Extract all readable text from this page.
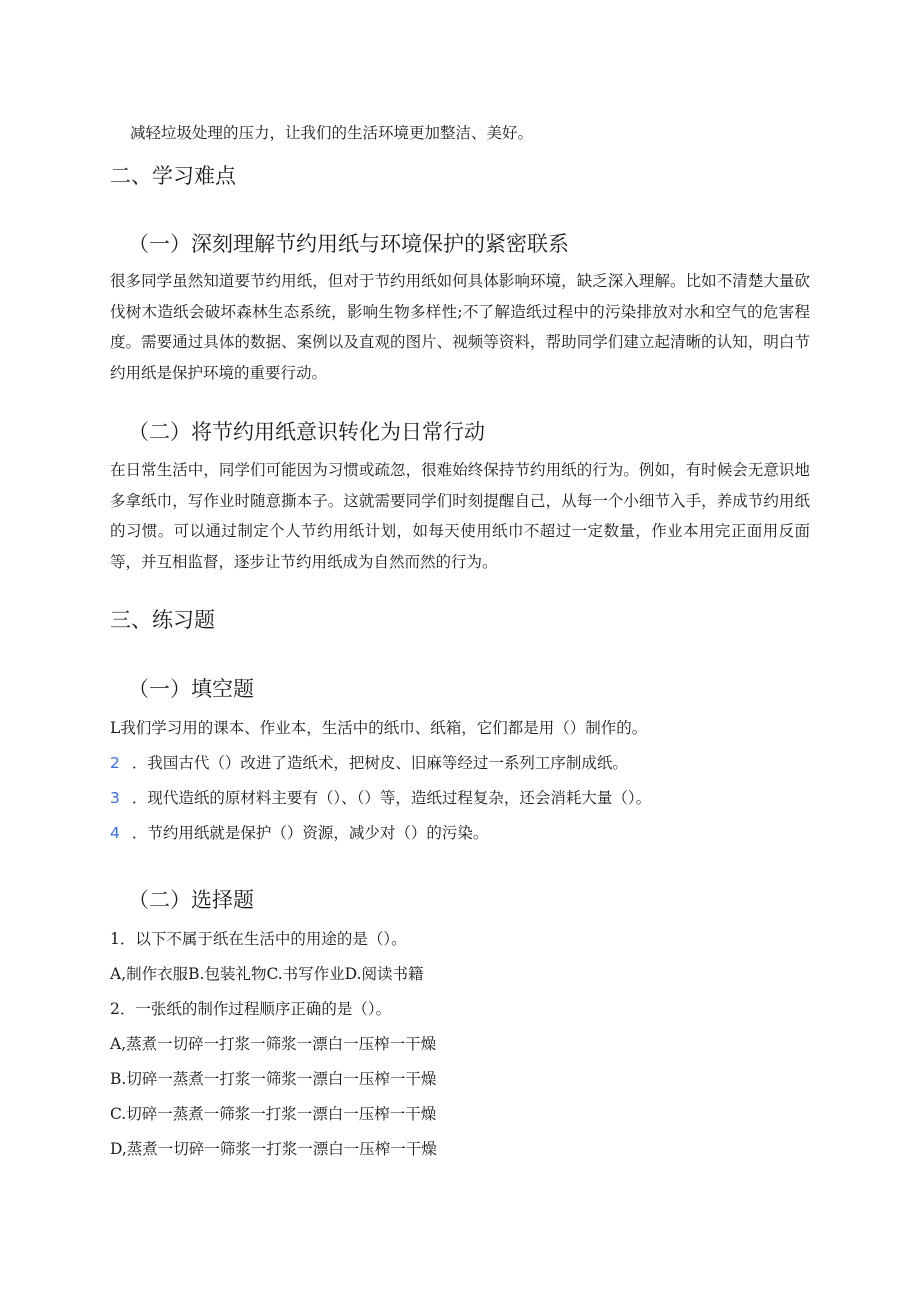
减轻垃圾处理的压力，让我们的生活环境更加整洁、美好。
二、学习难点
（一）深刻理解节约用纸与环境保护的紧密联系
很多同学虽然知道要节约用纸，但对于节约用纸如何具体影响环境，缺乏深入理解。比如不清楚大量砍伐树木造纸会破坏森林生态系统，影响生物多样性;不了解造纸过程中的污染排放对水和空气的危害程度。需要通过具体的数据、案例以及直观的图片、视频等资料，帮助同学们建立起清晰的认知，明白节约用纸是保护环境的重要行动。
（二）将节约用纸意识转化为日常行动
在日常生活中，同学们可能因为习惯或疏忽，很难始终保持节约用纸的行为。例如，有时候会无意识地多拿纸巾，写作业时随意撕本子。这就需要同学们时刻提醒自己，从每一个小细节入手，养成节约用纸的习惯。可以通过制定个人节约用纸计划，如每天使用纸巾不超过一定数量，作业本用完正面用反面等，并互相监督，逐步让节约用纸成为自然而然的行为。
三、练习题
（一）填空题
L我们学习用的课本、作业本，生活中的纸巾、纸箱，它们都是用（）制作的。
2 ．我国古代（）改进了造纸术，把树皮、旧麻等经过一系列工序制成纸。
3 ．现代造纸的原材料主要有（）、（）等，造纸过程复杂，还会消耗大量（）。
4 ．节约用纸就是保护（）资源，减少对（）的污染。
（二）选择题
1．以下不属于纸在生活中的用途的是（）。
A,制作衣服B.包装礼物C.书写作业D.阅读书籍
2．一张纸的制作过程顺序正确的是（）。
A,蒸煮一切碎一打浆一筛浆一漂白一压榨一干燥
B.切碎一蒸煮一打浆一筛浆一漂白一压榨一干燥
C.切碎一蒸煮一筛浆一打浆一漂白一压榨一干燥
D,蒸煮一切碎一筛浆一打浆一漂白一压榨一干燥
